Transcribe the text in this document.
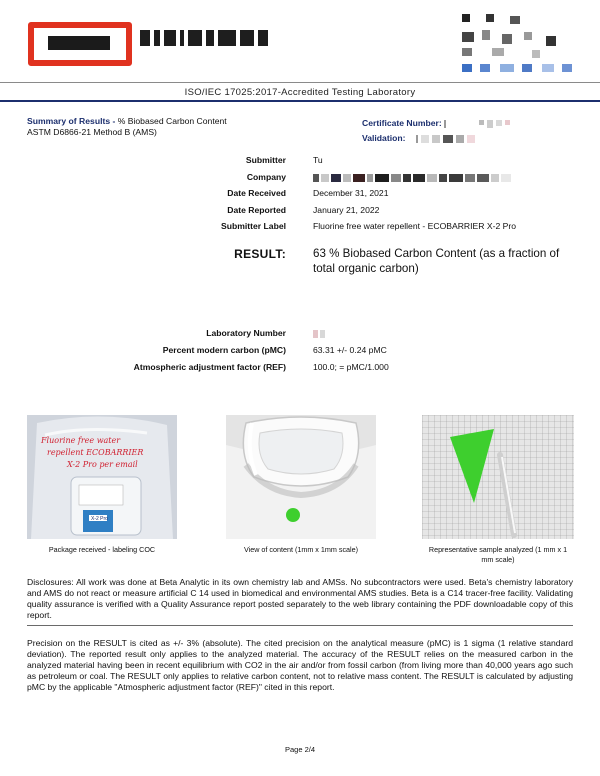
ISO/IEC 17025:2017-Accredited Testing Laboratory
Summary of Results - % Biobased Carbon Content
ASTM D6866-21 Method B (AMS)
Certificate Number:
Validation:
Submitter	Tu
Company
Date Received	December 31, 2021
Date Reported	January 21, 2022
Submitter Label	Fluorine free water repellent - ECOBARRIER X-2 Pro
RESULT: 63 % Biobased Carbon Content (as a fraction of total organic carbon)
Laboratory Number
Percent modern carbon (pMC)	63.31 +/- 0.24 pMC
Atmospheric adjustment factor (REF)	100.0; = pMC/1.000
X-2 Pro
Fluorine free water
repellent ECOBARRIER
X-2 Pro per email
Package received - labeling COC	View of content (1mm x 1mm scale)	Representative sample analyzed (1 mm x 1 mm scale)
Disclosures: All work was done at Beta Analytic in its own chemistry lab and AMSs. No subcontractors were used. Beta's chemistry laboratory and AMS do not react or measure artificial C 14 used in biomedical and environmental AMS studies. Beta is a C14 tracer-free facility. Validating quality assurance is verified with a Quality Assurance report posted separately to the web library containing the PDF downloadable copy of this report.
Precision on the RESULT is cited as +/- 3% (absolute). The cited precision on the analytical measure (pMC) is 1 sigma (1 relative standard deviation). The reported result only applies to the analyzed material. The accuracy of the RESULT relies on the measured carbon in the analyzed material having been in recent equilibrium with CO2 in the air and/or from fossil carbon (from living more than 40,000 years ago such as petroleum or coal. The RESULT only applies to relative carbon content, not to relative mass content. The RESULT is calculated by adjusting pMC by the applicable "Atmospheric adjustment factor (REF)" cited in this report.
Page 2/4
